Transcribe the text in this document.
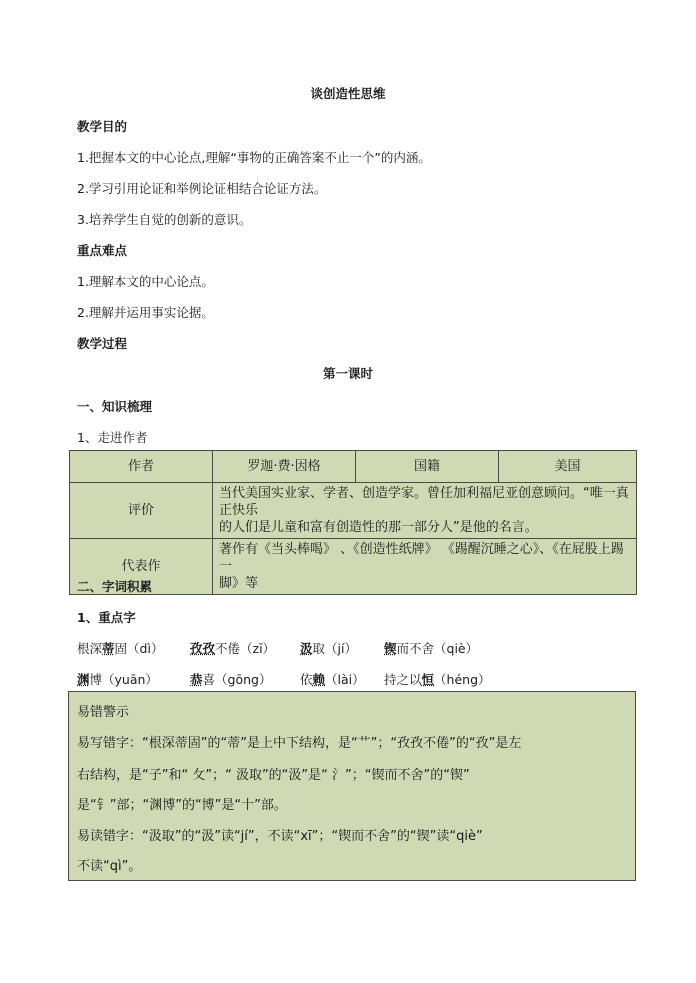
谈创造性思维
教学目的
1.把握本文的中心论点,理解“事物的正确答案不止一个”的内涵。
2.学习引用论证和举例论证相结合论证方法。
3.培养学生自觉的创新的意识。
重点难点
1.理解本文的中心论点。
2.理解并运用事实论据。
教学过程
第一课时
一、知识梳理
1、走进作者
作者	罗迦·费·因格	国籍	美国
评价	当代美国实业家、学者、创造学家。曾任加利福尼亚创意顾问。“唯一真正快乐
的人们是儿童和富有创造性的那一部分人”是他的名言。		

代表作	著作有《当头棒喝》 、《创造性纸牌》 《踢醒沉睡之心》、《在屁股上踢一
脚》等		
二、字词积累
1、重点字
根深蒂固（dì） 孜孜不倦（zī） 汲取（jí） 锲而不舍（qiè）
渊博（yuān）	恭喜（gōng） 依赖（lài） 持之以恒（héng）
易错警示
易写错字：“根深蒂固”的“蒂”是上中下结构，是“艹”；“孜孜不倦”的“孜”是左
右结构，是“子”和“ 攵”；“ 汲取”的“汲”是“ 氵”；“锲而不舍”的“锲”
是“钅”部；“渊博”的“博”是“十”部。
易读错字：“汲取”的“汲”读“jí”，不读“xī”；“锲而不舍”的“锲”读“qiè”
不读“qì”。
